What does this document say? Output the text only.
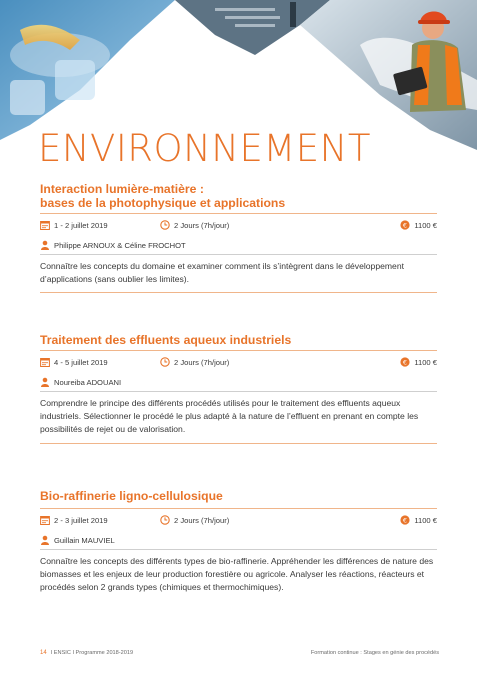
ENVIRONNEMENT
Interaction lumière-matière :
bases de la photophysique et applications
1 - 2 juillet 2019	2 Jours (7h/jour)	€ 1100 €
Philippe ARNOUX & Céline FROCHOT

Connaître les concepts du domaine et examiner comment ils s’intègrent dans le développement d’applications (sans oublier les limites).

Traitement des effluents aqueux industriels
4 - 5 juillet 2019	2 Jours (7h/jour)	€ 1100 €
Noureiba ADOUANI

Comprendre le principe des différents procédés utilisés pour le traitement des effluents aqueux industriels. Sélectionner le procédé le plus adapté à la nature de l’effluent en prenant en compte les possibilités de rejet ou de valorisation.

Bio-raffinerie ligno-cellulosique
2 - 3 juillet 2019	2 Jours (7h/jour)	€ 1100 €
Guillain MAUVIEL

Connaître les concepts des différents types de bio-raffinerie. Appréhender les différences de nature des biomasses et les enjeux de leur production forestière ou agricole. Analyser les réactions, réacteurs et procédés selon 2 grands types (chimiques et thermochimiques).

14 I ENSIC I Programme 2018-2019	Formation continue : Stages en génie des procédés
